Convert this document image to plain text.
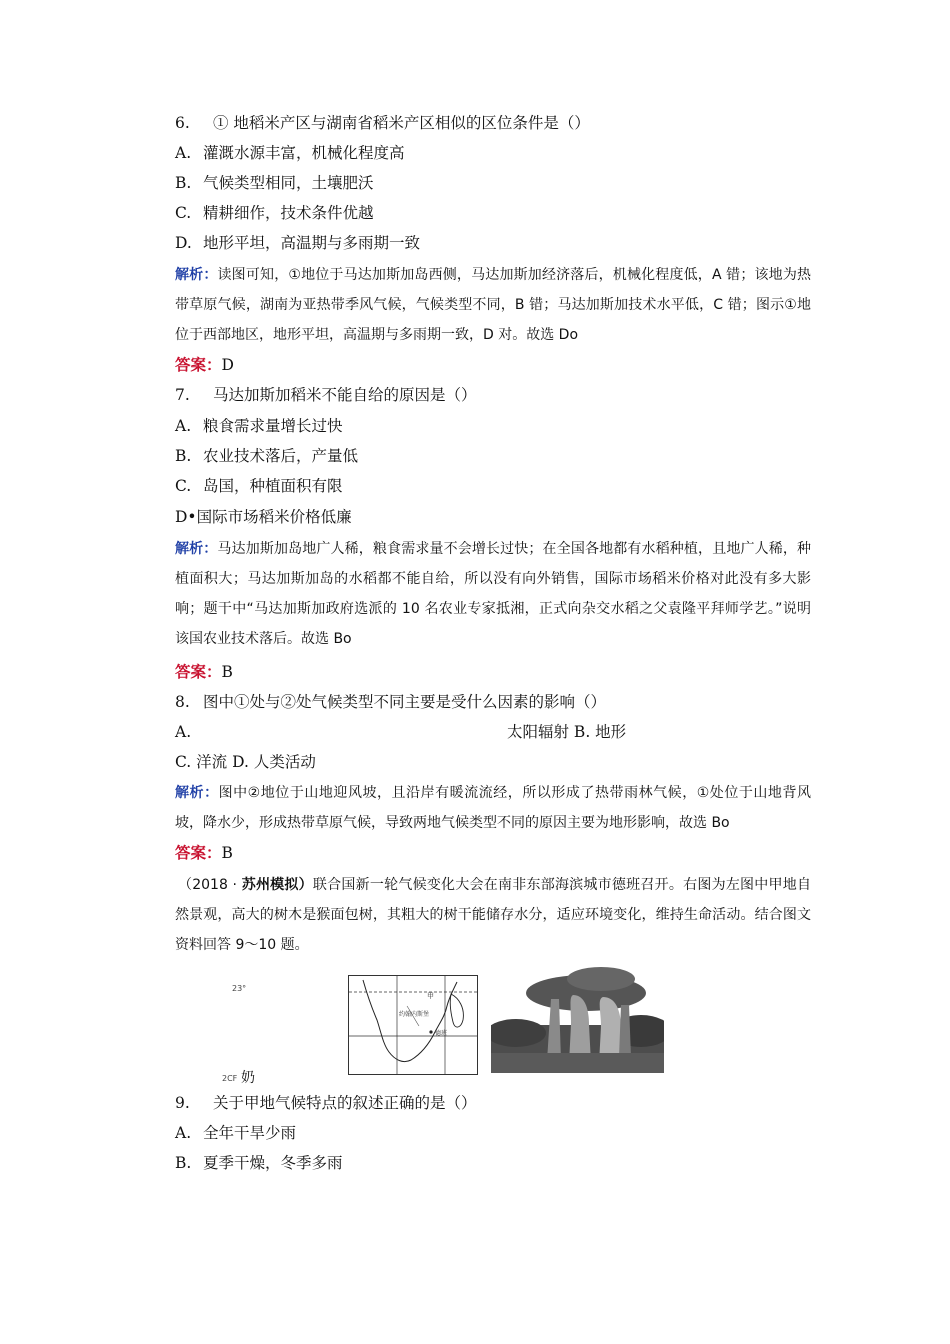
6. ① 地稻米产区与湖南省稻米产区相似的区位条件是（）
A. 灌溉水源丰富，机械化程度高
B. 气候类型相同，土壤肥沃
C. 精耕细作，技术条件优越
D. 地形平坦，高温期与多雨期一致
解析：读图可知，①地位于马达加斯加岛西侧，马达加斯加经济落后，机械化程度低，A 错；该地为热带草原气候，湖南为亚热带季风气候，气候类型不同，B 错；马达加斯加技术水平低，C 错；图示①地位于西部地区，地形平坦，高温期与多雨期一致，D 对。故选 Do
答案：D
7. 马达加斯加稻米不能自给的原因是（）
A. 粮食需求量增长过快
B. 农业技术落后，产量低
C. 岛国，种植面积有限
D•国际市场稻米价格低廉
解析：马达加斯加岛地广人稀，粮食需求量不会增长过快；在全国各地都有水稻种植，且地广人稀，种植面积大；马达加斯加岛的水稻都不能自给，所以没有向外销售，国际市场稻米价格对此没有多大影响；题干中“马达加斯加政府选派的 10 名农业专家抵湘，正式向杂交水稻之父袁隆平拜师学艺。”说明该国农业技术落后。故选 Bo
答案：B
8. 图中①处与②处气候类型不同主要是受什么因素的影响（）
A.	太阳辐射 B. 地形
C. 洋流 D. 人类活动
解析：图中②地位于山地迎风坡，且沿岸有暖流流经，所以形成了热带雨林气候，①处位于山地背风坡，降水少，形成热带草原气候，导致两地气候类型不同的原因主要为地形影响，故选 Bo
答案：B
（2018 · 苏州模拟）联合国新一轮气候变化大会在南非东部海滨城市德班召开。右图为左图中甲地自然景观，高大的树木是猴面包树，其粗大的树干能储存水分，适应环境变化，维持生命活动。结合图文资料回答 9〜10 题。
23°
约翰内斯堡
德班
甲
2CF 奶
9. 关于甲地气候特点的叙述正确的是（）
A. 全年干旱少雨
B. 夏季干燥，冬季多雨
